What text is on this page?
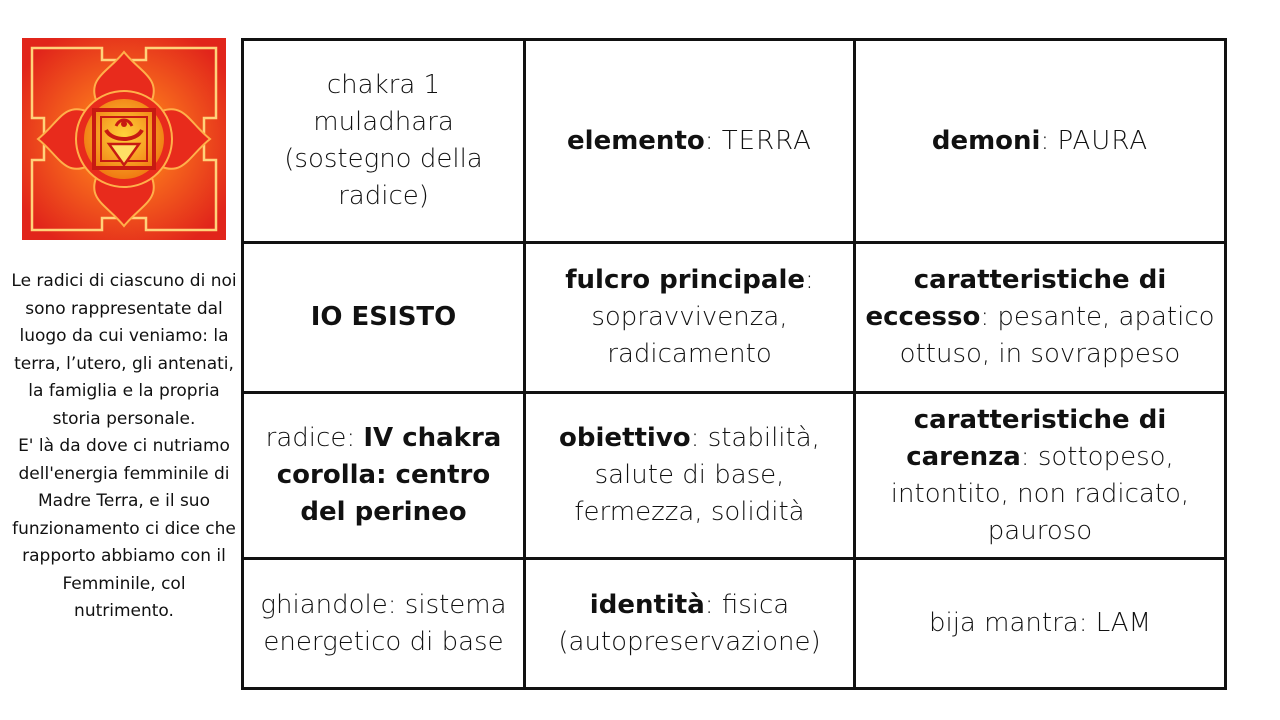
Le radici di ciascuno di noi sono rappresentate dal luogo da cui veniamo: la terra, l’utero, gli antenati, la famiglia e la propria storia personale.

E' là da dove ci nutriamo dell'energia femminile di Madre Terra, e il suo funzionamento ci dice che rapporto abbiamo con il Femminile, col nutrimento.

chakra 1
muladhara
(sostegno della radice)	elemento: TERRA	demoni: PAURA
IO ESISTO	fulcro principale: sopravvivenza, radicamento	caratteristiche di eccesso: pesante, apatico ottuso, in sovrappeso
radice: IV chakra corolla: centro del perineo	obiettivo: stabilità, salute di base, fermezza, solidità	caratteristiche di carenza: sottopeso, intontito, non radicato, pauroso
ghiandole: sistema energetico di base	identità: fisica (autopreservazione)	bija mantra: LAM
